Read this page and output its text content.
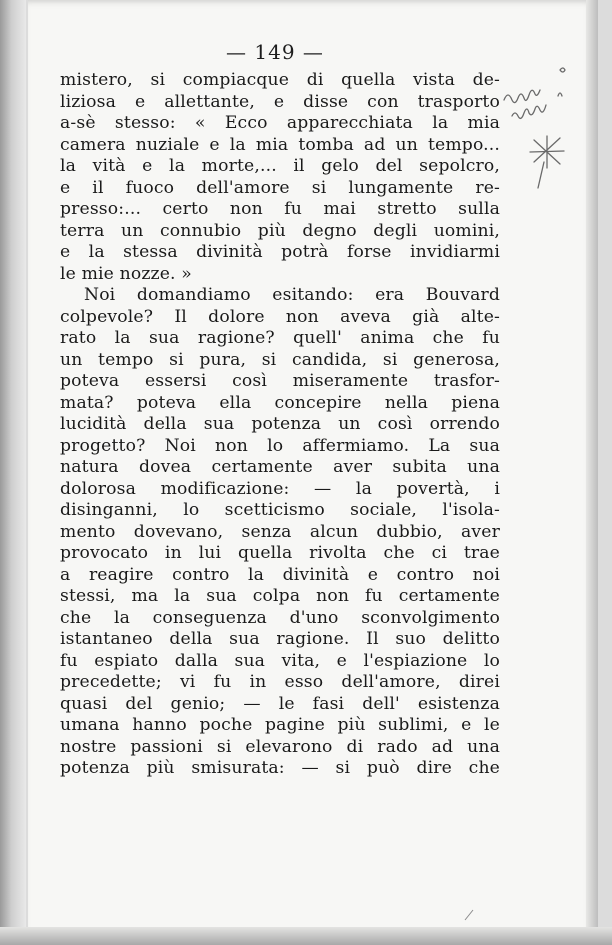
— 149 —
mistero, si compiacque di quella vista de-
liziosa e allettante, e disse con trasporto
a-sè stesso: « Ecco apparecchiata la mia
camera nuziale e la mia tomba ad un tempo...
la vità e la morte,... il gelo del sepolcro,
e il fuoco dell'amore si lungamente re-
presso:... certo non fu mai stretto sulla
terra un connubio più degno degli uomini,
e la stessa divinità potrà forse invidiarmi
le mie nozze. »
Noi domandiamo esitando: era Bouvard
colpevole? Il dolore non aveva già alte-
rato la sua ragione? quell' anima che fu
un tempo si pura, si candida, si generosa,
poteva essersi così miseramente trasfor-
mata? poteva ella concepire nella piena
lucidità della sua potenza un così orrendo
progetto? Noi non lo affermiamo. La sua
natura dovea certamente aver subita una
dolorosa modificazione: — la povertà, i
disinganni, lo scetticismo sociale, l'isola-
mento dovevano, senza alcun dubbio, aver
provocato in lui quella rivolta che ci trae
a reagire contro la divinità e contro noi
stessi, ma la sua colpa non fu certamente
che la conseguenza d'uno sconvolgimento
istantaneo della sua ragione. Il suo delitto
fu espiato dalla sua vita, e l'espiazione lo
precedette; vi fu in esso dell'amore, direi
quasi del genio; — le fasi dell' esistenza
umana hanno poche pagine più sublimi, e le
nostre passioni si elevarono di rado ad una
potenza più smisurata: — si può dire che
